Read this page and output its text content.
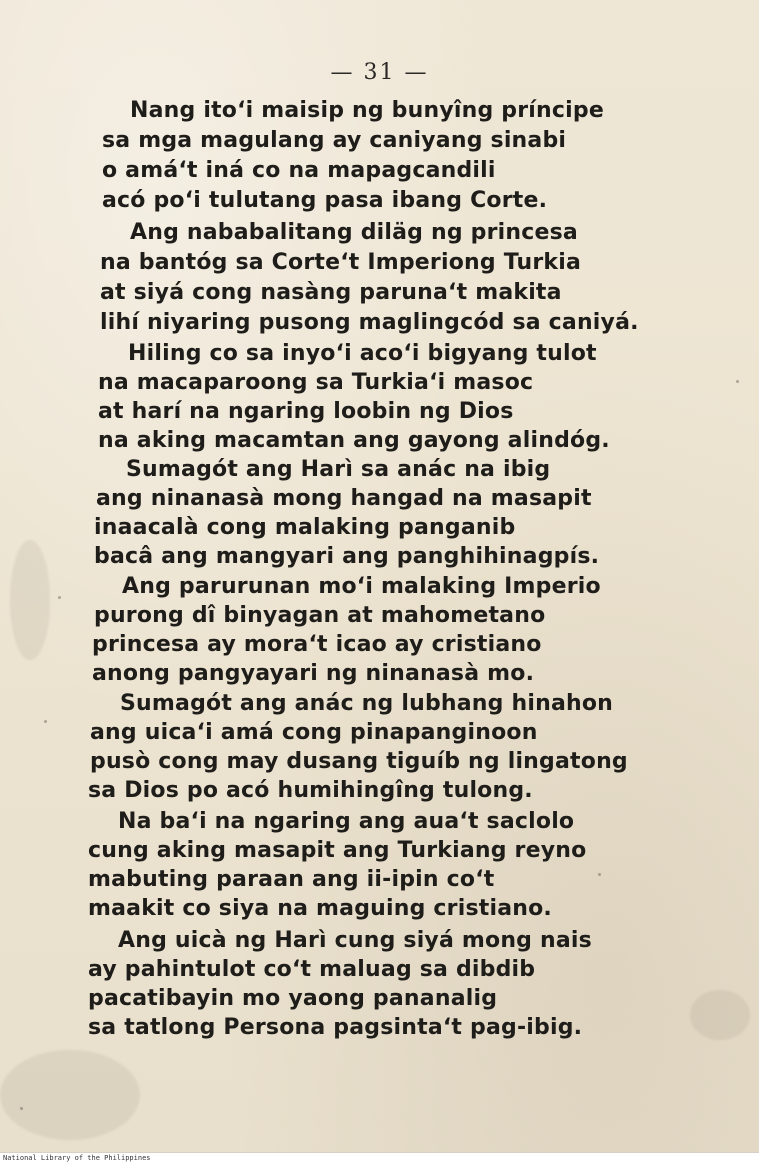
— 31 —
Nang ito‘i maisip ng bunyîng príncipe
sa mga magulang ay caniyang sinabi
o amá‘t iná co na mapagcandili
acó po‘i tulutang pasa ibang Corte.
Ang nababalitang diläg ng princesa
na bantóg sa Corte‘t Imperiong Turkia
at siyá cong nasàng paruna‘t makita
lihí niyaring pusong maglingcód sa caniyá.
Hiling co sa inyo‘i aco‘i bigyang tulot
na macaparoong sa Turkia‘i masoc
at harí na ngaring loobin ng Dios
na aking macamtan ang gayong alindóg.
Sumagót ang Harì sa anác na ibig
ang ninanasà mong hangad na masapit
inaacalà cong malaking panganib
bacâ ang mangyari ang panghihinagpís.
Ang parurunan mo‘i malaking Imperio
purong dî binyagan at mahometano
princesa ay mora‘t icao ay cristiano
anong pangyayari ng ninanasà mo.
Sumagót ang anác ng lubhang hinahon
ang uica‘i amá cong pinapanginoon
pusò cong may dusang tiguíb ng lingatong
sa Dios po acó humihingîng tulong.
Na ba‘i na ngaring ang aua‘t saclolo
cung aking masapit ang Turkiang reyno
mabuting paraan ang ii-ipin co‘t
maakit co siya na maguing cristiano.
Ang uicà ng Harì cung siyá mong nais
ay pahintulot co‘t maluag sa dibdib
pacatibayin mo yaong pananalig
sa tatlong Persona pagsinta‘t pag-ibig.
National Library of the Philippines
